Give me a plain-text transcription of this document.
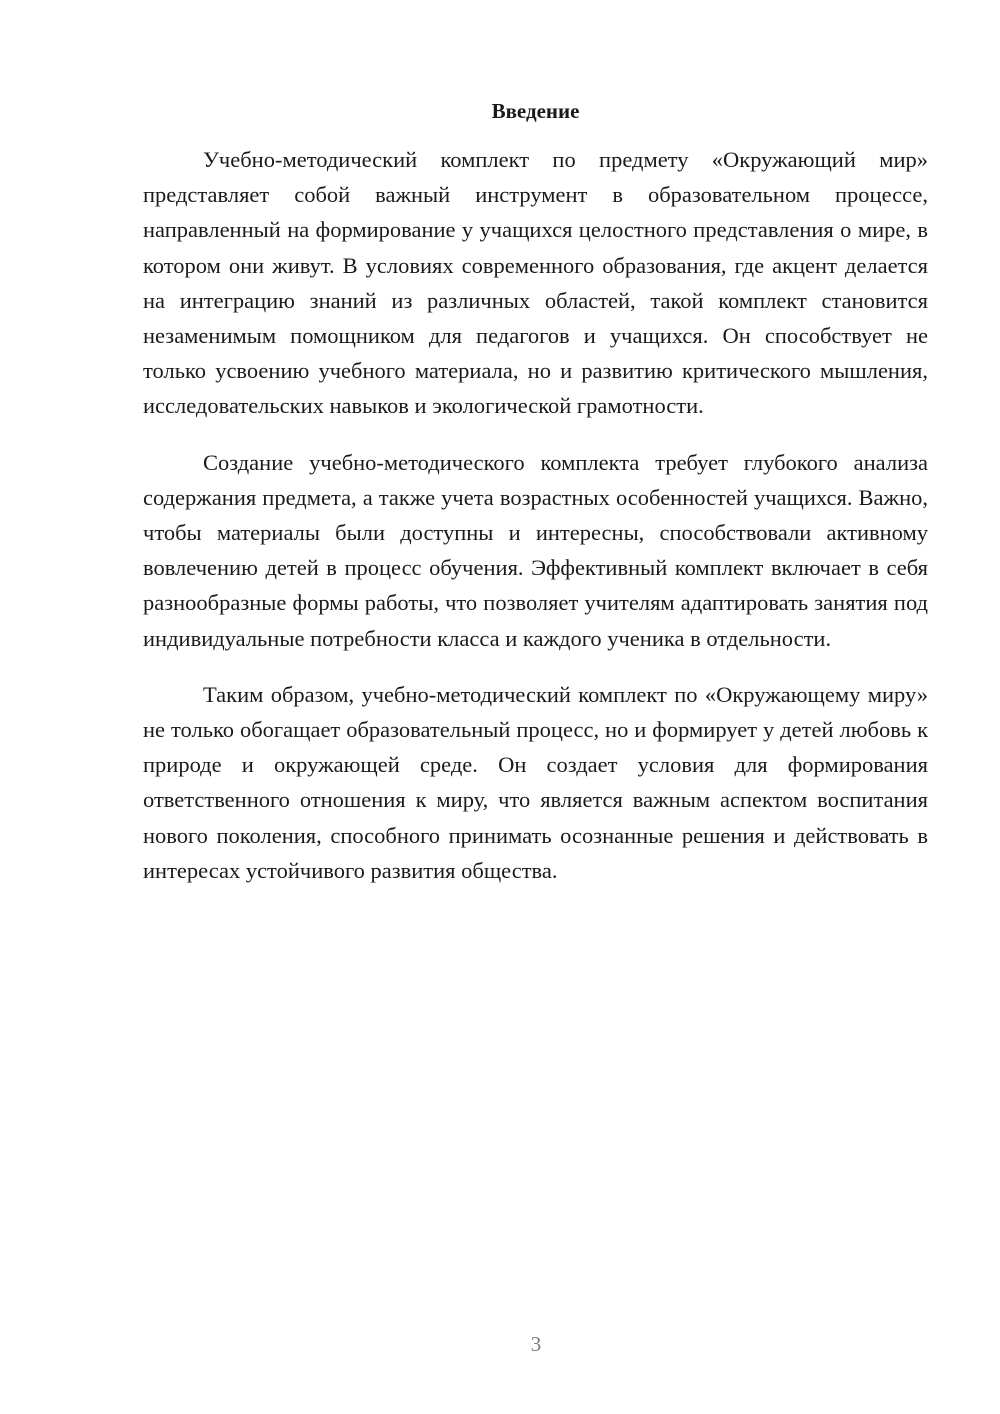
Введение

Учебно-методический комплект по предмету «Окружающий мир» представляет собой важный инструмент в образовательном процессе, направленный на формирование у учащихся целостного представления о мире, в котором они живут. В условиях современного образования, где акцент делается на интеграцию знаний из различных областей, такой комплект становится незаменимым помощником для педагогов и учащихся. Он способствует не только усвоению учебного материала, но и развитию критического мышления, исследовательских навыков и экологической грамотности.

Создание учебно-методического комплекта требует глубокого анализа содержания предмета, а также учета возрастных особенностей учащихся. Важно, чтобы материалы были доступны и интересны, способствовали активному вовлечению детей в процесс обучения. Эффективный комплект включает в себя разнообразные формы работы, что позволяет учителям адаптировать занятия под индивидуальные потребности класса и каждого ученика в отдельности.

Таким образом, учебно-методический комплект по «Окружающему миру» не только обогащает образовательный процесс, но и формирует у детей любовь к природе и окружающей среде. Он создает условия для формирования ответственного отношения к миру, что является важным аспектом воспитания нового поколения, способного принимать осознанные решения и действовать в интересах устойчивого развития общества.

3
